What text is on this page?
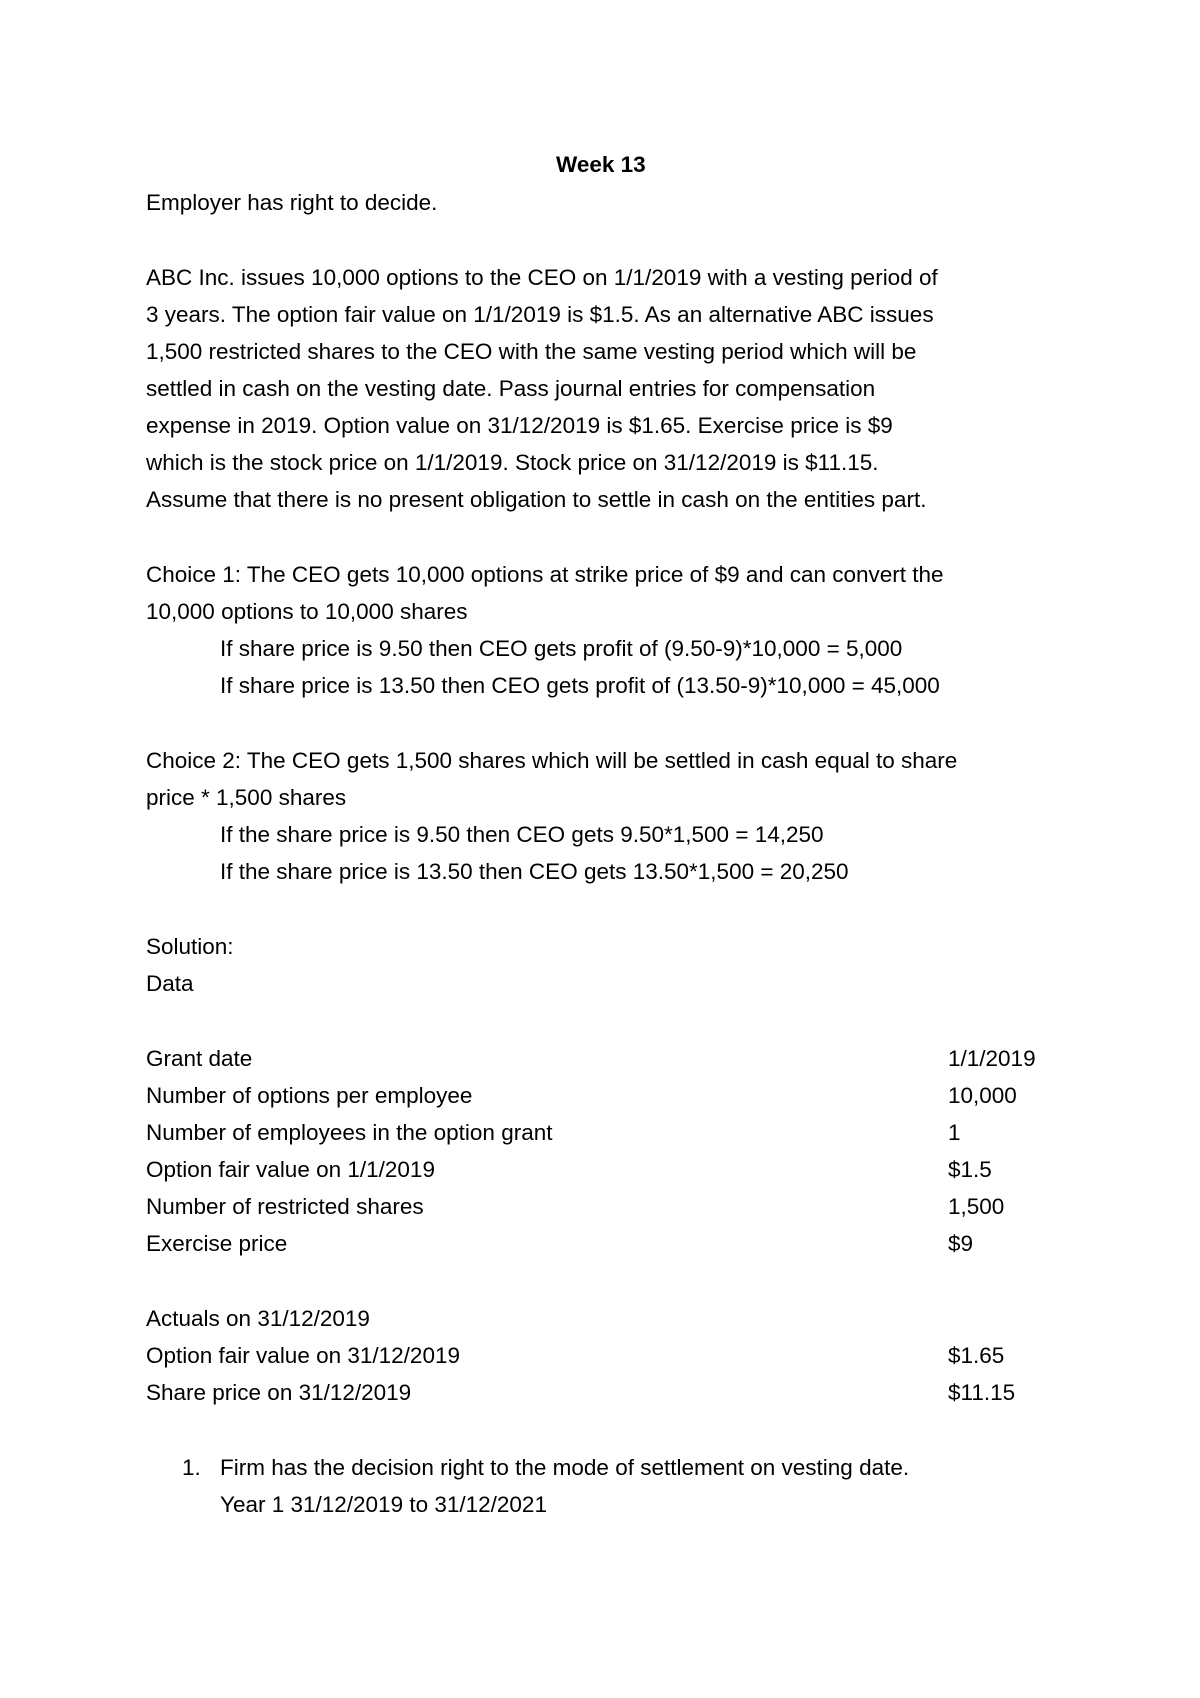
Week 13
Employer has right to decide.
ABC Inc. issues 10,000 options to the CEO on 1/1/2019 with a vesting period of
3 years. The option fair value on 1/1/2019 is $1.5. As an alternative ABC issues
1,500 restricted shares to the CEO with the same vesting period which will be
settled in cash on the vesting date. Pass journal entries for compensation
expense in 2019. Option value on 31/12/2019 is $1.65. Exercise price is $9
which is the stock price on 1/1/2019. Stock price on 31/12/2019 is $11.15.
Assume that there is no present obligation to settle in cash on the entities part.
Choice 1: The CEO gets 10,000 options at strike price of $9 and can convert the
10,000 options to 10,000 shares
If share price is 9.50 then CEO gets profit of (9.50-9)*10,000 = 5,000
If share price is 13.50 then CEO gets profit of (13.50-9)*10,000 = 45,000
Choice 2: The CEO gets 1,500 shares which will be settled in cash equal to share
price * 1,500 shares
If the share price is 9.50 then CEO gets 9.50*1,500 = 14,250
If the share price is 13.50 then CEO gets 13.50*1,500 = 20,250
Solution:
Data
Grant date	1/1/2019
Number of options per employee	10,000
Number of employees in the option grant	1
Option fair value on 1/1/2019	$1.5
Number of restricted shares	1,500
Exercise price	$9
Actuals on 31/12/2019
Option fair value on 31/12/2019	$1.65
Share price on 31/12/2019	$11.15
1. Firm has the decision right to the mode of settlement on vesting date.
Year 1 31/12/2019 to 31/12/2021
